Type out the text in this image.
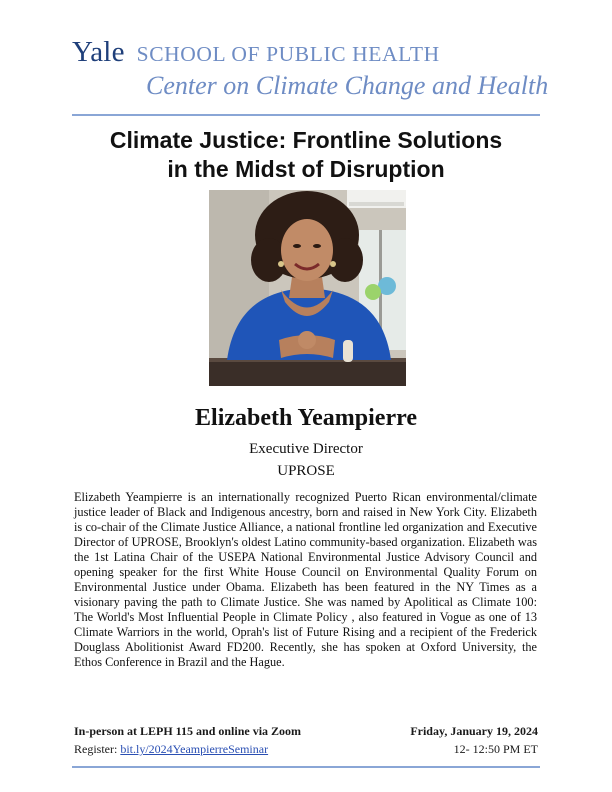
Yale SCHOOL OF PUBLIC HEALTH
Center on Climate Change and Health
Climate Justice: Frontline Solutions
in the Midst of Disruption
Elizabeth Yeampierre
Executive Director
UPROSE

Elizabeth Yeampierre is an internationally recognized Puerto Rican environmental/climate justice leader of Black and Indigenous ancestry, born and raised in New York City. Elizabeth is co-chair of the Climate Justice Alliance, a national frontline led organization and Executive Director of UPROSE, Brooklyn's oldest Latino community-based organization. Elizabeth was the 1st Latina Chair of the USEPA National Environmental Justice Advisory Council and opening speaker for the first White House Council on Environmental Quality Forum on Environmental Justice under Obama. Elizabeth has been featured in the NY Times as a visionary paving the path to Climate Justice. She was named by Apolitical as Climate 100: The World's Most Influential People in Climate Policy , also featured in Vogue as one of 13 Climate Warriors in the world, Oprah's list of Future Rising and a recipient of the Frederick Douglass Abolitionist Award FD200. Recently, she has spoken at Oxford University, the Ethos Conference in Brazil and the Hague.

In-person at LEPH 115 and online via Zoom
Register: bit.ly/2024YeampierreSeminar
Friday, January 19, 2024
12- 12:50 PM ET
